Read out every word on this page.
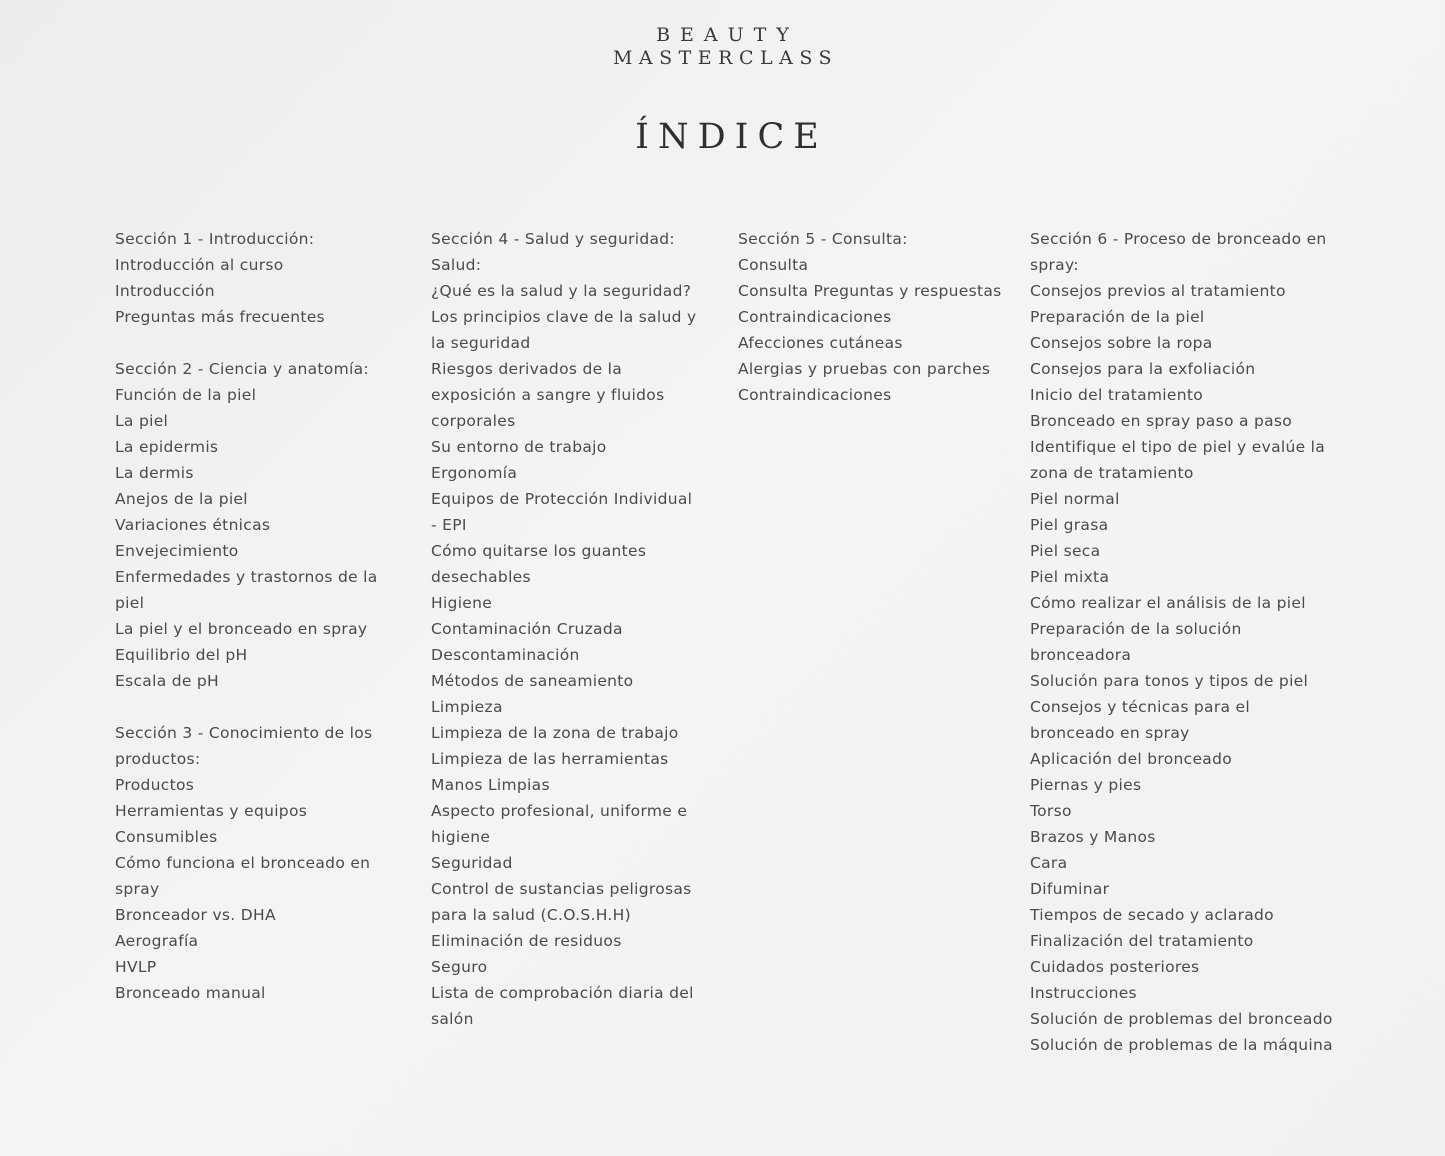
BEAUTY
MASTERCLASS
ÍNDICE
Sección 1 - Introducción:
Introducción al curso
Introducción
Preguntas más frecuentes
Sección 2 - Ciencia y anatomía:
Función de la piel
La piel
La epidermis
La dermis
Anejos de la piel
Variaciones étnicas
Envejecimiento
Enfermedades y trastornos de la piel
La piel y el bronceado en spray
Equilibrio del pH
Escala de pH
Sección 3 - Conocimiento de los productos:
Productos
Herramientas y equipos
Consumibles
Cómo funciona el bronceado en spray
Bronceador vs. DHA
Aerografía
HVLP
Bronceado manual
Sección 4 - Salud y seguridad:
Salud:
¿Qué es la salud y la seguridad?
Los principios clave de la salud y la seguridad
Riesgos derivados de la exposición a sangre y fluidos corporales
Su entorno de trabajo
Ergonomía
Equipos de Protección Individual - EPI
Cómo quitarse los guantes desechables
Higiene
Contaminación Cruzada
Descontaminación
Métodos de saneamiento
Limpieza
Limpieza de la zona de trabajo
Limpieza de las herramientas
Manos Limpias
Aspecto profesional, uniforme e higiene
Seguridad
Control de sustancias peligrosas para la salud (C.O.S.H.H)
Eliminación de residuos
Seguro
Lista de comprobación diaria del salón
Sección 5 - Consulta:
Consulta
Consulta Preguntas y respuestas
Contraindicaciones
Afecciones cutáneas
Alergias y pruebas con parches
Contraindicaciones
Sección 6 - Proceso de bronceado en spray:
Consejos previos al tratamiento
Preparación de la piel
Consejos sobre la ropa
Consejos para la exfoliación
Inicio del tratamiento
Bronceado en spray paso a paso
Identifique el tipo de piel y evalúe la zona de tratamiento
Piel normal
Piel grasa
Piel seca
Piel mixta
Cómo realizar el análisis de la piel
Preparación de la solución bronceadora
Solución para tonos y tipos de piel
Consejos y técnicas para el bronceado en spray
Aplicación del bronceado
Piernas y pies
Torso
Brazos y Manos
Cara
Difuminar
Tiempos de secado y aclarado
Finalización del tratamiento
Cuidados posteriores
Instrucciones
Solución de problemas del bronceado
Solución de problemas de la máquina
